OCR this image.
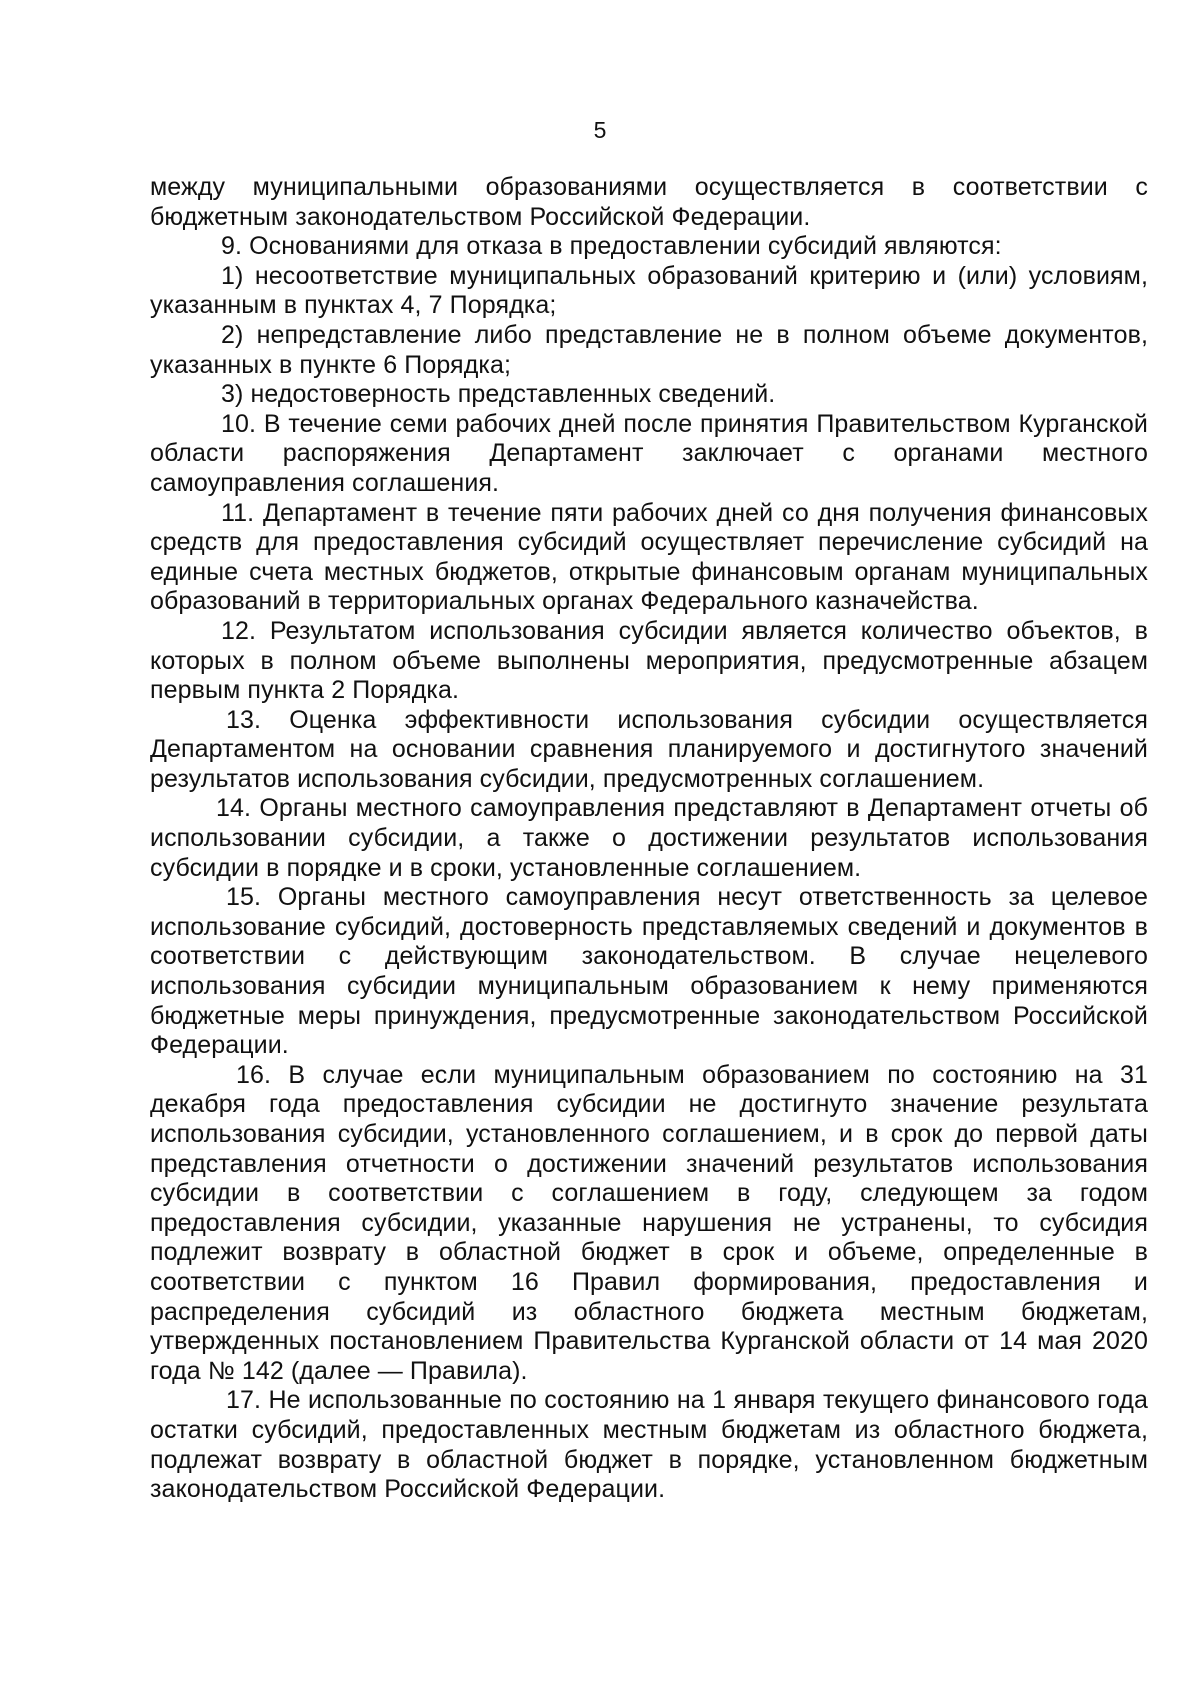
5

между муниципальными образованиями осуществляется в соответствии с бюджетным законодательством Российской Федерации.

9. Основаниями для отказа в предоставлении субсидий являются:

1) несоответствие муниципальных образований критерию и (или) условиям, указанным в пунктах 4, 7 Порядка;

2) непредставление либо представление не в полном объеме документов, указанных в пункте 6 Порядка;

3) недостоверность представленных сведений.

10. В течение семи рабочих дней после принятия Правительством Курганской области распоряжения Департамент заключает с органами местного самоуправления соглашения.

11. Департамент в течение пяти рабочих дней со дня получения финансовых средств для предоставления субсидий осуществляет перечисление субсидий на единые счета местных бюджетов, открытые финансовым органам муниципальных образований в территориальных органах Федерального казначейства.

12. Результатом использования субсидии является количество объектов, в которых в полном объеме выполнены мероприятия, предусмотренные абзацем первым пункта 2 Порядка.

13. Оценка эффективности использования субсидии осуществляется Департаментом на основании сравнения планируемого и достигнутого значений результатов использования субсидии, предусмотренных соглашением.

14. Органы местного самоуправления представляют в Департамент отчеты об использовании субсидии, а также о достижении результатов использования субсидии в порядке и в сроки, установленные соглашением.

15. Органы местного самоуправления несут ответственность за целевое использование субсидий, достоверность представляемых сведений и документов в соответствии с действующим законодательством. В случае нецелевого использования субсидии муниципальным образованием к нему применяются бюджетные меры принуждения, предусмотренные законодательством Российской Федерации.

16. В случае если муниципальным образованием по состоянию на 31 декабря года предоставления субсидии не достигнуто значение результата использования субсидии, установленного соглашением, и в срок до первой даты представления отчетности о достижении значений результатов использования субсидии в соответствии с соглашением в году, следующем за годом предоставления субсидии, указанные нарушения не устранены, то субсидия подлежит возврату в областной бюджет в срок и объеме, определенные в соответствии с пунктом 16 Правил формирования, предоставления и распределения субсидий из областного бюджета местным бюджетам, утвержденных постановлением Правительства Курганской области от 14 мая 2020 года № 142 (далее — Правила).

17. Не использованные по состоянию на 1 января текущего финансового года остатки субсидий, предоставленных местным бюджетам из областного бюджета, подлежат возврату в областной бюджет в порядке, установленном бюджетным законодательством Российской Федерации.
